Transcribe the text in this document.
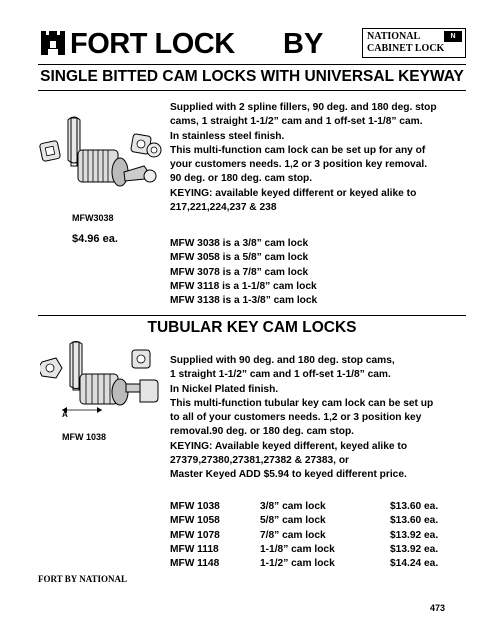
FORT LOCK BY	NATIONAL
CABINET LOCK
N
SINGLE BITTED CAM LOCKS WITH UNIVERSAL KEYWAY
MFW3038
$4.96 ea.

Supplied with 2 spline fillers, 90 deg. and 180 deg. stop

cams, 1 straight 1-1/2” cam and 1 off-set 1-1/8” cam.

In stainless steel finish.

This multi-function cam lock can be set up for any of

your customers needs. 1,2 or 3 position key removal.

90 deg. or 180 deg. cam stop.

KEYING: available keyed different or keyed alike to

217,221,224,237 & 238

MFW 3038 is a 3/8” cam lock
MFW 3058 is a 5/8” cam lock
MFW 3078 is a 7/8” cam lock
MFW 3118 is a 1-1/8” cam lock
MFW 3138 is a 1-3/8” cam lock
TUBULAR KEY CAM LOCKS
A
MFW 1038

Supplied with 90 deg. and 180 deg. stop cams,

1 straight 1-1/2” cam and 1 off-set 1-1/8” cam.

In Nickel Plated finish.

This multi-function tubular key cam lock can be set up

to all of your customers needs. 1,2 or 3 position key

removal.90 deg. or 180 deg. cam stop.

KEYING: Available keyed different, keyed alike to

27379,27380,27381,27382 & 27383, or

Master Keyed ADD $5.94 to keyed different price.

MFW 1038	3/8” cam lock	$13.60 ea.
MFW 1058	5/8” cam lock	$13.60 ea.
MFW 1078	7/8” cam lock	$13.92 ea.
MFW 1118	1-1/8” cam lock	$13.92 ea.
MFW 1148	1-1/2” cam lock	$14.24 ea.
FORT BY NATIONAL
473
